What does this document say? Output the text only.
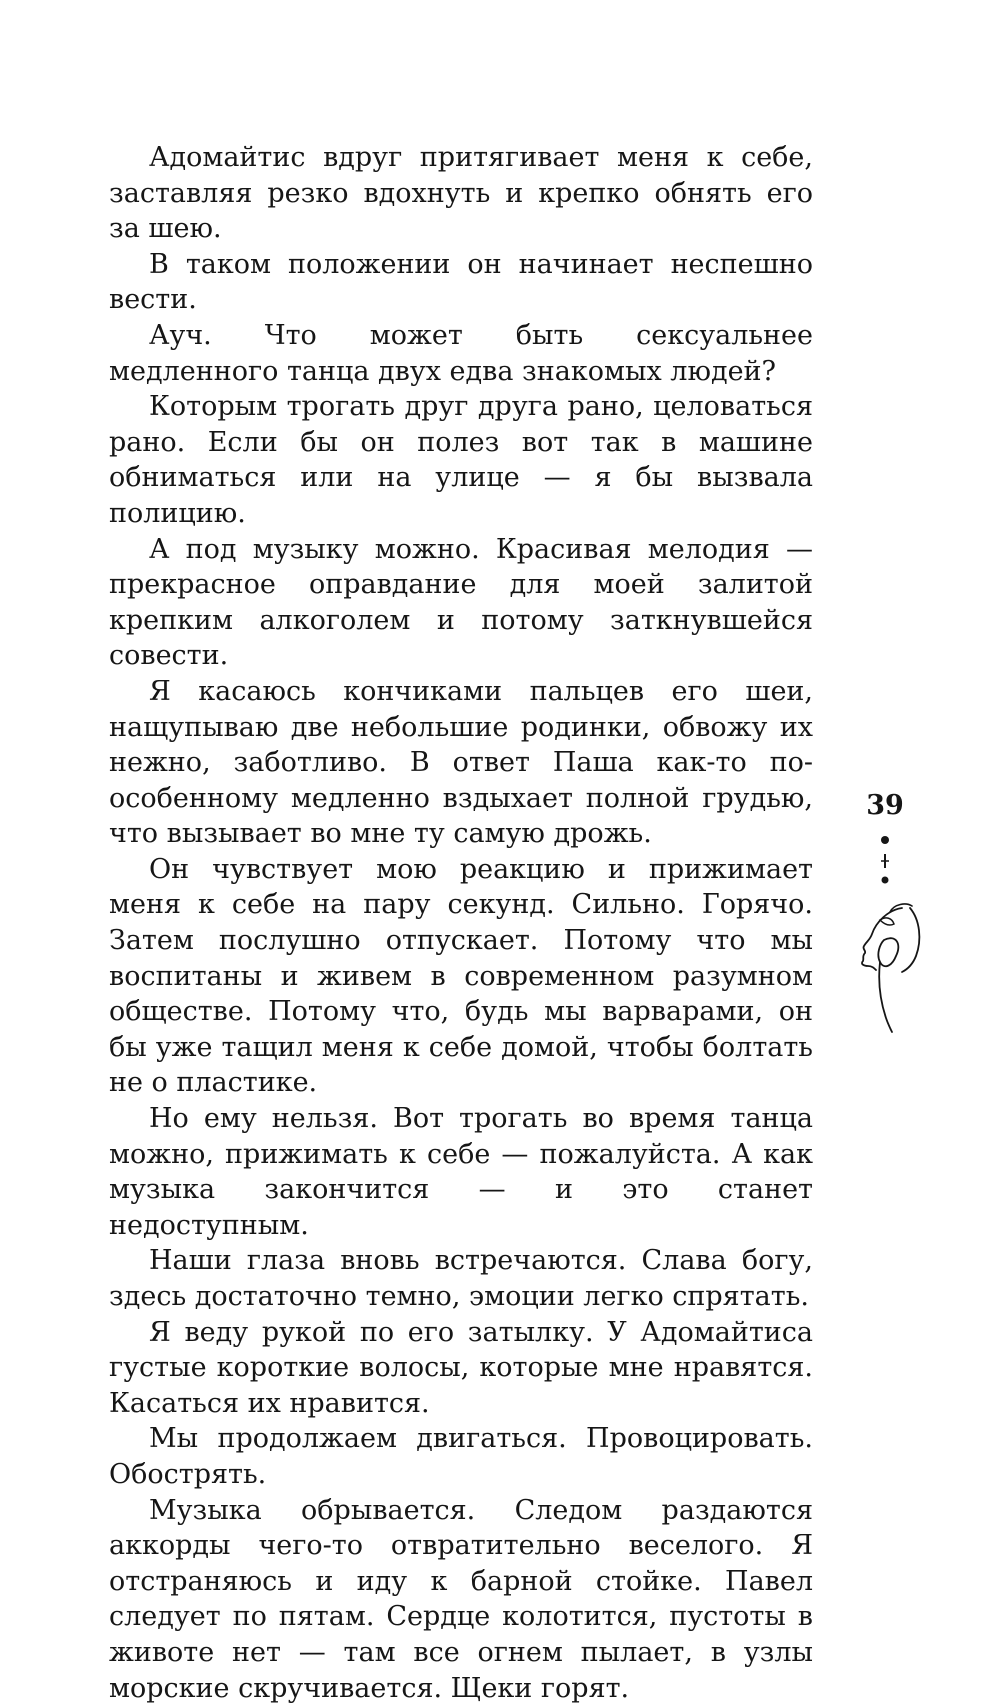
Адомайтис вдруг притягивает меня к себе, заставляя резко вдохнуть и крепко обнять его за шею.

В таком положении он начинает неспешно вести.

Ауч. Что может быть сексуальнее медленного танца двух едва знакомых людей?

Которым трогать друг друга рано, целоваться рано. Если бы он полез вот так в машине обниматься или на улице — я бы вызвала полицию.

А под музыку можно. Красивая мелодия — прекрасное оправдание для моей залитой крепким алкоголем и потому заткнувшейся совести.

Я касаюсь кончиками пальцев его шеи, нащупываю две небольшие родинки, обвожу их нежно, заботливо. В ответ Паша как-то по-особенному медленно вздыхает полной грудью, что вызывает во мне ту самую дрожь.

Он чувствует мою реакцию и прижимает меня к себе на пару секунд. Сильно. Горячо. Затем послушно отпускает. Потому что мы воспитаны и живем в современном разумном обществе. Потому что, будь мы варварами, он бы уже тащил меня к себе домой, чтобы болтать не о пластике.

Но ему нельзя. Вот трогать во время танца можно, прижимать к себе — пожалуйста. А как музыка закончится — и это станет недоступным.

Наши глаза вновь встречаются. Слава богу, здесь достаточно темно, эмоции легко спрятать.

Я веду рукой по его затылку. У Адомайтиса густые короткие волосы, которые мне нравятся. Касаться их нравится.

Мы продолжаем двигаться. Провоцировать. Обострять.

Музыка обрывается. Следом раздаются аккорды чего-то отвратительно веселого. Я отстраняюсь и иду к барной стойке. Павел следует по пятам. Сердце колотится, пустоты в животе нет — там все огнем пылает, в узлы морские скручивается. Щеки горят.

39
